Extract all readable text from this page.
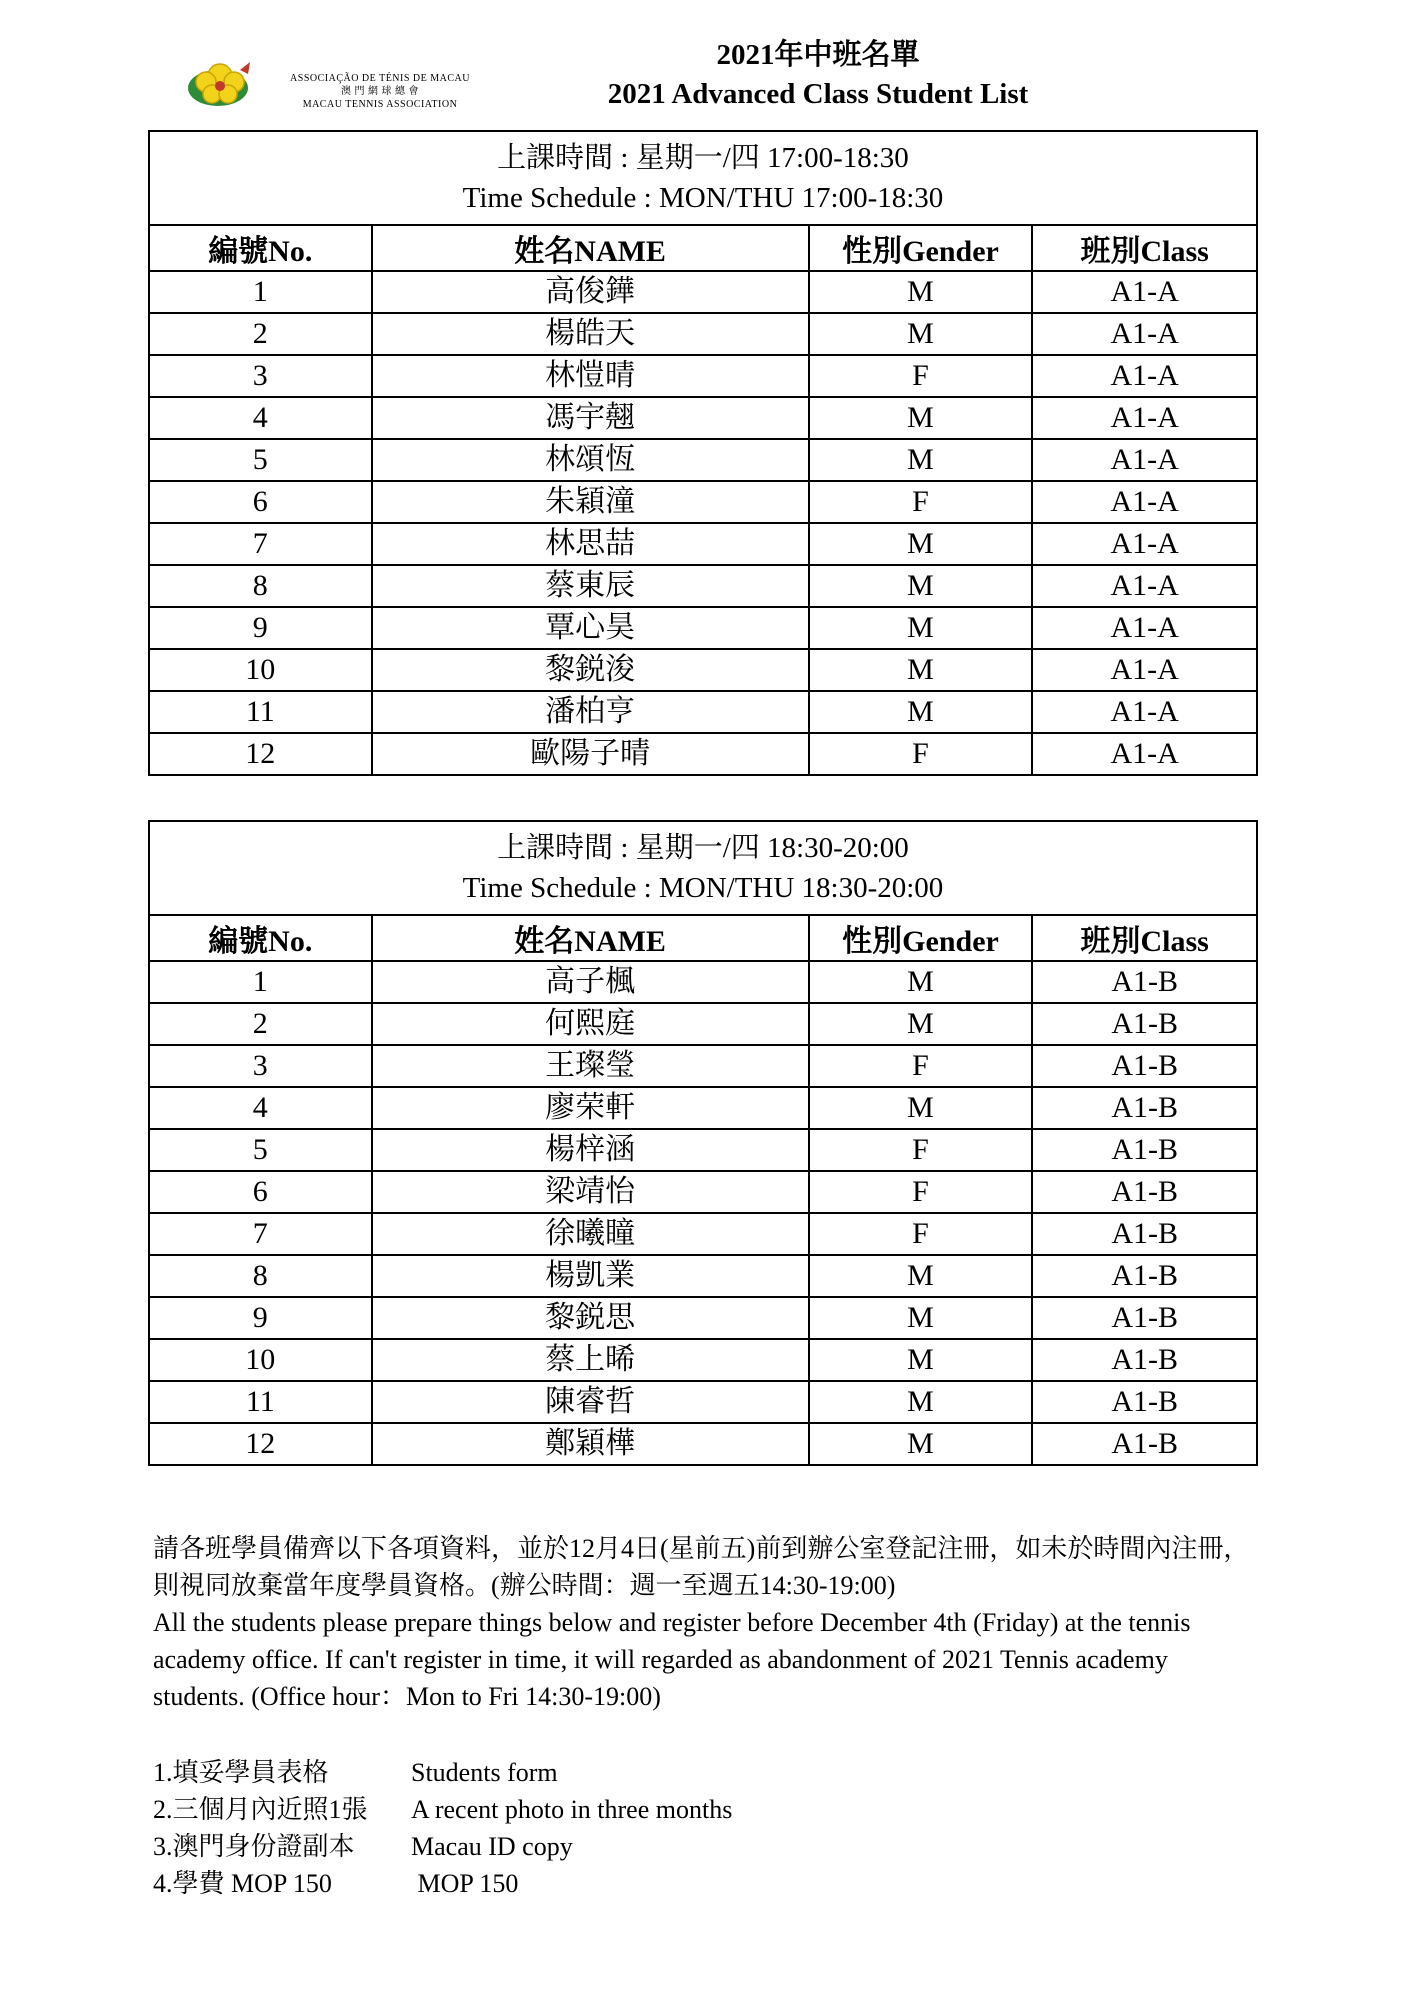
ASSOCIAÇÃO DE TÉNIS DE MACAU
澳 門 網 球 總 會
MACAU TENNIS ASSOCIATION
2021年中班名單
2021 Advanced Class Student List
上課時間 : 星期一/四 17:00-18:30
Time Schedule : MON/THU 17:00-18:30			

編號No.	姓名NAME	性別Gender	班別Class
1	高俊鏵	M	A1-A
2	楊皓天	M	A1-A
3	林愷晴	F	A1-A
4	馮宇翹	M	A1-A
5	林頌恆	M	A1-A
6	朱穎潼	F	A1-A
7	林思喆	M	A1-A
8	蔡東辰	M	A1-A
9	覃心昊	M	A1-A
10	黎鋭浚	M	A1-A
11	潘柏亨	M	A1-A
12	歐陽子晴	F	A1-A
上課時間 : 星期一/四 18:30-20:00
Time Schedule : MON/THU 18:30-20:00			

編號No.	姓名NAME	性別Gender	班別Class
1	高子楓	M	A1-B
2	何熙庭	M	A1-B
3	王璨瑩	F	A1-B
4	廖荣軒	M	A1-B
5	楊梓涵	F	A1-B
6	梁靖怡	F	A1-B
7	徐曦瞳	F	A1-B
8	楊凱業	M	A1-B
9	黎鋭思	M	A1-B
10	蔡上晞	M	A1-B
11	陳睿哲	M	A1-B
12	鄭穎樺	M	A1-B

請各班學員備齊以下各項資料，並於12月4日(星前五)前到辦公室登記注冊，如未於時間內注冊，則視同放棄當年度學員資格。(辦公時間：週一至週五14:30-19:00)

All the students please prepare things below and register before December 4th (Friday) at the tennis academy office. If can't register in time, it will regarded as abandonment of 2021 Tennis academy students. (Office hour：Mon to Fri 14:30-19:00)

1.填妥學員表格	Students form
2.三個月內近照1張	A recent photo in three months
3.澳門身份證副本	Macau ID copy
4.學費 MOP 150	MOP 150
